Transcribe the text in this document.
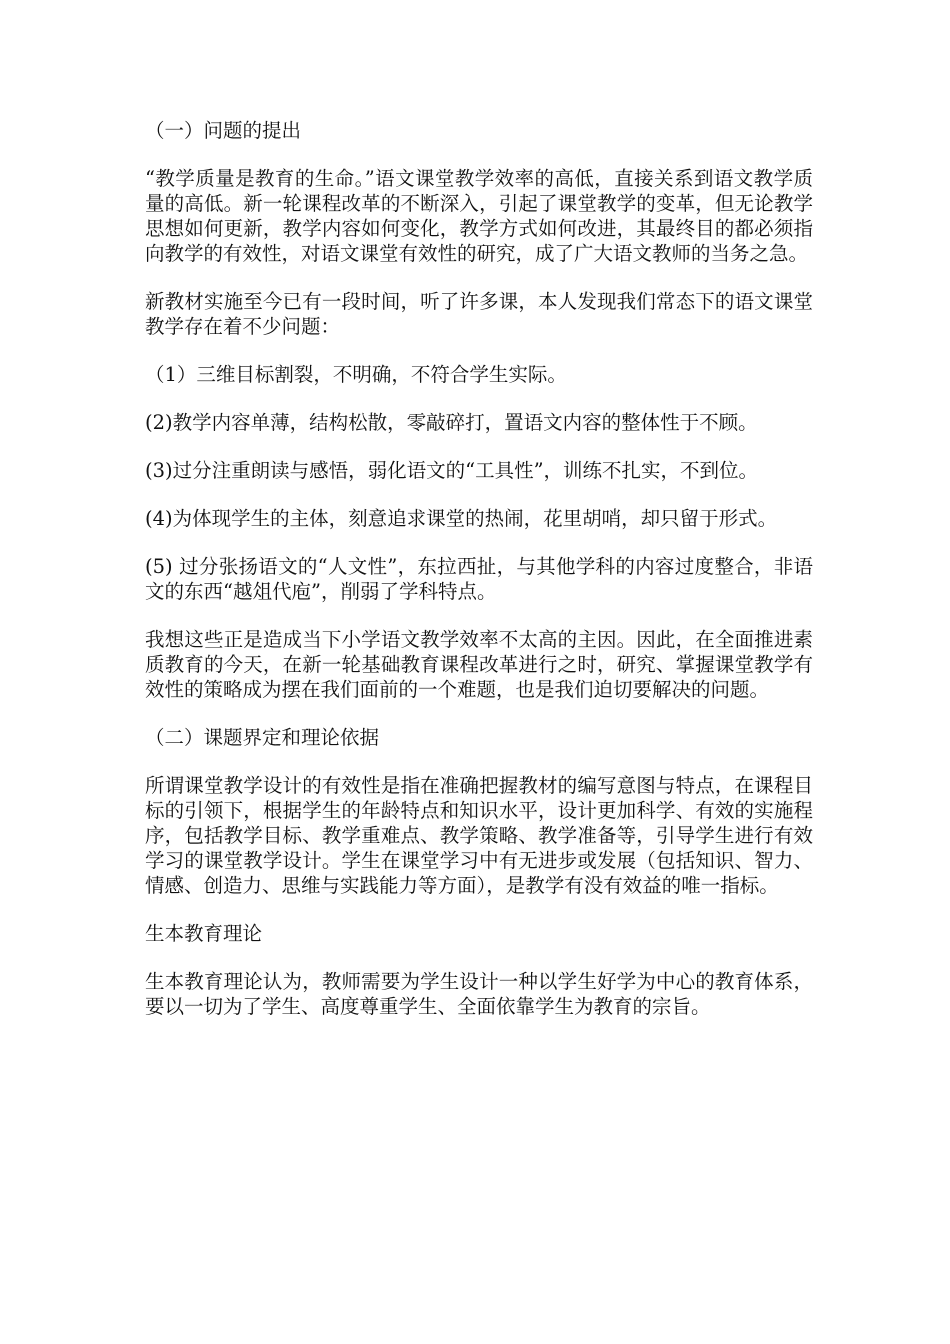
（一）问题的提出

“教学质量是教育的生命。”语文课堂教学效率的高低，直接关系到语文教学质量的高低。新一轮课程改革的不断深入，引起了课堂教学的变革，但无论教学思想如何更新，教学内容如何变化，教学方式如何改进，其最终目的都必须指向教学的有效性，对语文课堂有效性的研究，成了广大语文教师的当务之急。

新教材实施至今已有一段时间，听了许多课，本人发现我们常态下的语文课堂教学存在着不少问题：

（1）三维目标割裂，不明确，不符合学生实际。

(2)教学内容单薄，结构松散，零敲碎打，置语文内容的整体性于不顾。

(3)过分注重朗读与感悟，弱化语文的“工具性”，训练不扎实，不到位。

(4)为体现学生的主体，刻意追求课堂的热闹，花里胡哨，却只留于形式。

(5) 过分张扬语文的“人文性”，东拉西扯，与其他学科的内容过度整合，非语文的东西“越俎代庖”，削弱了学科特点。

我想这些正是造成当下小学语文教学效率不太高的主因。因此，在全面推进素质教育的今天，在新一轮基础教育课程改革进行之时，研究、掌握课堂教学有效性的策略成为摆在我们面前的一个难题，也是我们迫切要解决的问题。

（二）课题界定和理论依据

所谓课堂教学设计的有效性是指在准确把握教材的编写意图与特点，在课程目标的引领下，根据学生的年龄特点和知识水平，设计更加科学、有效的实施程序，包括教学目标、教学重难点、教学策略、教学准备等，引导学生进行有效学习的课堂教学设计。学生在课堂学习中有无进步或发展（包括知识、智力、情感、创造力、思维与实践能力等方面），是教学有没有效益的唯一指标。

生本教育理论

生本教育理论认为，教师需要为学生设计一种以学生好学为中心的教育体系，要以一切为了学生、高度尊重学生、全面依靠学生为教育的宗旨。
